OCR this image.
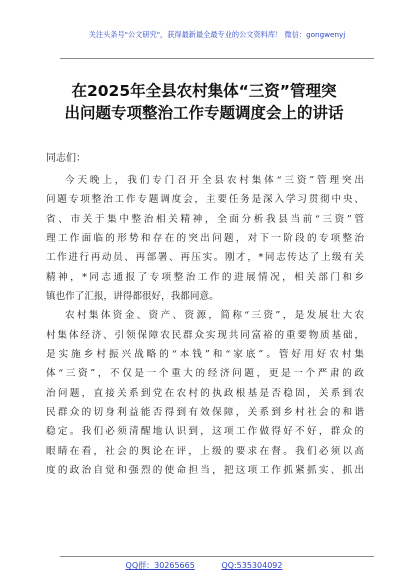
关注头条号"公文研究"，获得最新最全最专业的公文资料库！ 微信：gongwenyj
在2025年全县农村集体“三资”管理突
出问题专项整治工作专题调度会上的讲话
同志们：
今天晚上，我们专门召开全县农村集体“三资”管理突出
问题专项整治工作专题调度会，主要任务是深入学习贯彻中央、
省、市关于集中整治相关精神，全面分析我县当前“三资”管
理工作面临的形势和存在的突出问题，对下一阶段的专项整治
工作进行再动员、再部署、再压实。刚才，*同志传达了上级有关
精神，*同志通报了专项整治工作的进展情况，相关部门和乡
镇也作了汇报，讲得都很好，我都同意。
农村集体资金、资产、资源，简称“三资”，是发展壮大农
村集体经济、引领保障农民群众实现共同富裕的重要物质基础，
是实施乡村振兴战略的“本钱”和“家底”。管好用好农村集
体“三资”，不仅是一个重大的经济问题，更是一个严肃的政
治问题，直接关系到党在农村的执政根基是否稳固，关系到农
民群众的切身利益能否得到有效保障，关系到乡村社会的和谐
稳定。我们必须清醒地认识到，这项工作做得好不好，群众的
眼睛在看，社会的舆论在评，上级的要求在督。我们必须以高
度的政治自觉和强烈的使命担当，把这项工作抓紧抓实、抓出
QQ群：30265665	QQ:535304092
